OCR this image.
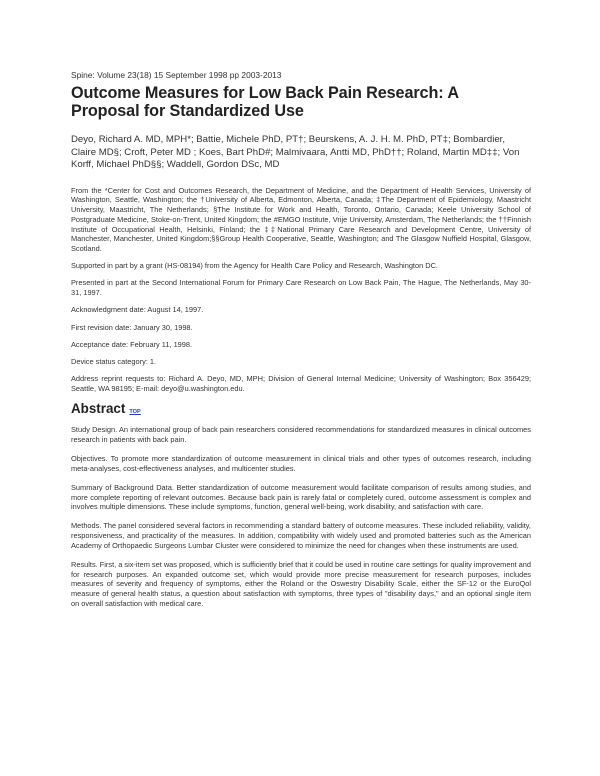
Spine: Volume 23(18) 15 September 1998 pp 2003-2013
Outcome Measures for Low Back Pain Research: A Proposal for Standardized Use
Deyo, Richard A. MD, MPH*; Battie, Michele PhD, PT†; Beurskens, A. J. H. M. PhD, PT‡; Bombardier, Claire MD§; Croft, Peter MD ; Koes, Bart PhD#; Malmivaara, Antti MD, PhD††; Roland, Martin MD‡‡; Von Korff, Michael PhD§§; Waddell, Gordon DSc, MD

From the *Center for Cost and Outcomes Research, the Department of Medicine, and the Department of Health Services, University of Washington, Seattle, Washington; the †University of Alberta, Edmonton, Alberta, Canada; ‡The Department of Epidemiology, Maastricht University, Maastricht, The Netherlands; §The Institute for Work and Health, Toronto, Ontario, Canada; Keele University School of Postgraduate Medicine, Stoke-on-Trent, United Kingdom; the #EMGO Institute, Vrije University, Amsterdam, The Netherlands; the ††Finnish Institute of Occupational Health, Helsinki, Finland; the ‡‡National Primary Care Research and Development Centre, University of Manchester, Manchester, United Kingdom;§§Group Health Cooperative, Seattle, Washington; and The Glasgow Nuffield Hospital, Glasgow, Scotland.

Supported in part by a grant (HS-08194) from the Agency for Health Care Policy and Research, Washington DC.

Presented in part at the Second International Forum for Primary Care Research on Low Back Pain, The Hague, The Netherlands, May 30-31, 1997.

Acknowledgment date: August 14, 1997.

First revision date: January 30, 1998.

Acceptance date: February 11, 1998.

Device status category: 1.

Address reprint requests to: Richard A. Deyo, MD, MPH; Division of General Internal Medicine; University of Washington; Box 356429; Seattle, WA 98195; E-mail: deyo@u.washington.edu.

Abstract TOP

Study Design. An international group of back pain researchers considered recommendations for standardized measures in clinical outcomes research in patients with back pain.

Objectives. To promote more standardization of outcome measurement in clinical trials and other types of outcomes research, including meta-analyses, cost-effectiveness analyses, and multicenter studies.

Summary of Background Data. Better standardization of outcome measurement would facilitate comparison of results among studies, and more complete reporting of relevant outcomes. Because back pain is rarely fatal or completely cured, outcome assessment is complex and involves multiple dimensions. These include symptoms, function, general well-being, work disability, and satisfaction with care.

Methods. The panel considered several factors in recommending a standard battery of outcome measures. These included reliability, validity, responsiveness, and practicality of the measures. In addition, compatibility with widely used and promoted batteries such as the American Academy of Orthopaedic Surgeons Lumbar Cluster were considered to minimize the need for changes when these instruments are used.

Results. First, a six-item set was proposed, which is sufficiently brief that it could be used in routine care settings for quality improvement and for research purposes. An expanded outcome set, which would provide more precise measurement for research purposes, includes measures of severity and frequency of symptoms, either the Roland or the Oswestry Disability Scale, either the SF-12 or the EuroQol measure of general health status, a question about satisfaction with symptoms, three types of "disability days," and an optional single item on overall satisfaction with medical care.
